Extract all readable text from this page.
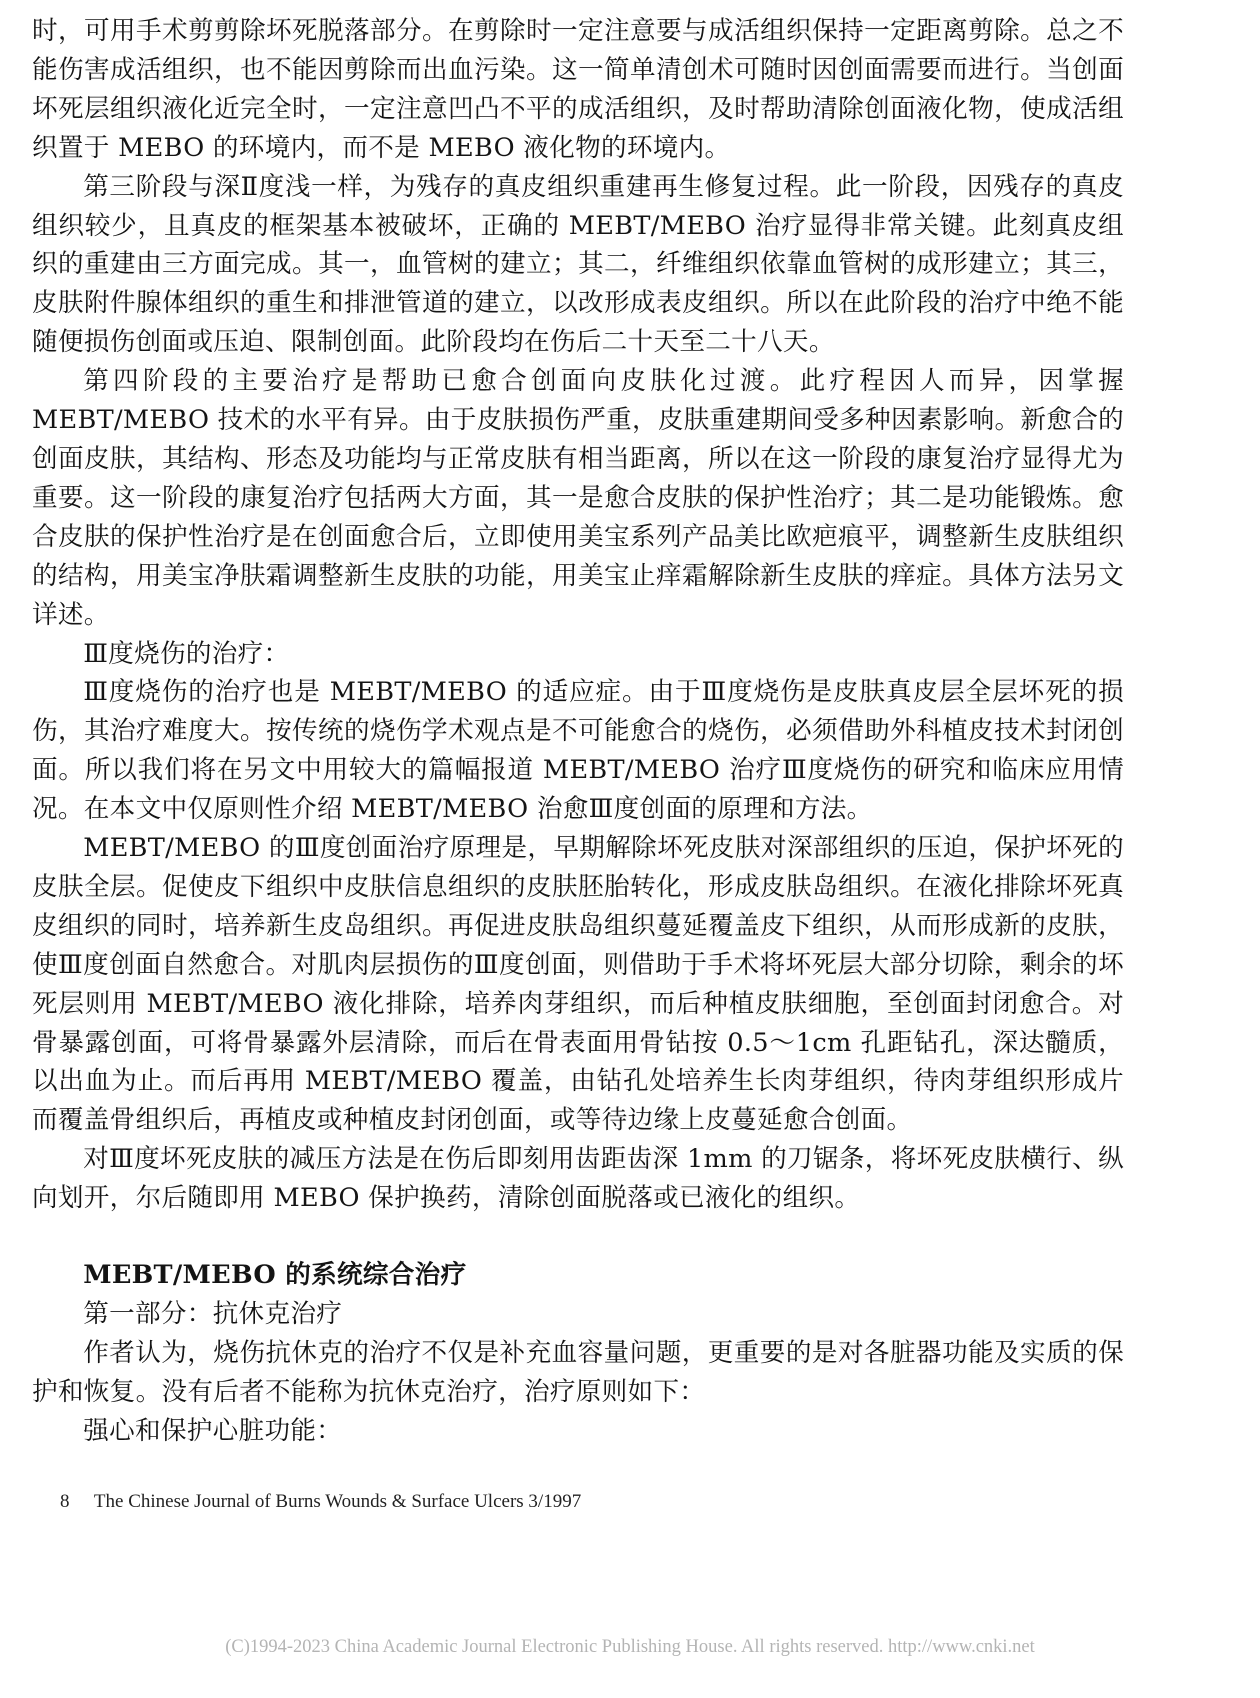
时，可用手术剪剪除坏死脱落部分。在剪除时一定注意要与成活组织保持一定距离剪除。总之不能伤害成活组织，也不能因剪除而出血污染。这一简单清创术可随时因创面需要而进行。当创面坏死层组织液化近完全时，一定注意凹凸不平的成活组织，及时帮助清除创面液化物，使成活组织置于 MEBO 的环境内，而不是 MEBO 液化物的环境内。

第三阶段与深Ⅱ度浅一样，为残存的真皮组织重建再生修复过程。此一阶段，因残存的真皮组织较少，且真皮的框架基本被破坏，正确的 MEBT/MEBO 治疗显得非常关键。此刻真皮组织的重建由三方面完成。其一，血管树的建立；其二，纤维组织依靠血管树的成形建立；其三，皮肤附件腺体组织的重生和排泄管道的建立，以改形成表皮组织。所以在此阶段的治疗中绝不能随便损伤创面或压迫、限制创面。此阶段均在伤后二十天至二十八天。

第四阶段的主要治疗是帮助已愈合创面向皮肤化过渡。此疗程因人而异，因掌握 MEBT/MEBO 技术的水平有异。由于皮肤损伤严重，皮肤重建期间受多种因素影响。新愈合的创面皮肤，其结构、形态及功能均与正常皮肤有相当距离，所以在这一阶段的康复治疗显得尤为重要。这一阶段的康复治疗包括两大方面，其一是愈合皮肤的保护性治疗；其二是功能锻炼。愈合皮肤的保护性治疗是在创面愈合后，立即使用美宝系列产品美比欧疤痕平，调整新生皮肤组织的结构，用美宝净肤霜调整新生皮肤的功能，用美宝止痒霜解除新生皮肤的痒症。具体方法另文详述。

Ⅲ度烧伤的治疗：

Ⅲ度烧伤的治疗也是 MEBT/MEBO 的适应症。由于Ⅲ度烧伤是皮肤真皮层全层坏死的损伤，其治疗难度大。按传统的烧伤学术观点是不可能愈合的烧伤，必须借助外科植皮技术封闭创面。所以我们将在另文中用较大的篇幅报道 MEBT/MEBO 治疗Ⅲ度烧伤的研究和临床应用情况。在本文中仅原则性介绍 MEBT/MEBO 治愈Ⅲ度创面的原理和方法。

MEBT/MEBO 的Ⅲ度创面治疗原理是，早期解除坏死皮肤对深部组织的压迫，保护坏死的皮肤全层。促使皮下组织中皮肤信息组织的皮肤胚胎转化，形成皮肤岛组织。在液化排除坏死真皮组织的同时，培养新生皮岛组织。再促进皮肤岛组织蔓延覆盖皮下组织，从而形成新的皮肤，使Ⅲ度创面自然愈合。对肌肉层损伤的Ⅲ度创面，则借助于手术将坏死层大部分切除，剩余的坏死层则用 MEBT/MEBO 液化排除，培养肉芽组织，而后种植皮肤细胞，至创面封闭愈合。对骨暴露创面，可将骨暴露外层清除，而后在骨表面用骨钻按 0.5～1cm 孔距钻孔，深达髓质，以出血为止。而后再用 MEBT/MEBO 覆盖，由钻孔处培养生长肉芽组织，待肉芽组织形成片而覆盖骨组织后，再植皮或种植皮封闭创面，或等待边缘上皮蔓延愈合创面。

对Ⅲ度坏死皮肤的减压方法是在伤后即刻用齿距齿深 1mm 的刀锯条，将坏死皮肤横行、纵向划开，尔后随即用 MEBO 保护换药，清除创面脱落或已液化的组织。

MEBT/MEBO 的系统综合治疗

第一部分：抗休克治疗

作者认为，烧伤抗休克的治疗不仅是补充血容量问题，更重要的是对各脏器功能及实质的保护和恢复。没有后者不能称为抗休克治疗，治疗原则如下：

强心和保护心脏功能：

8 The Chinese Journal of Burns Wounds & Surface Ulcers 3/1997
(C)1994-2023 China Academic Journal Electronic Publishing House. All rights reserved. http://www.cnki.net
